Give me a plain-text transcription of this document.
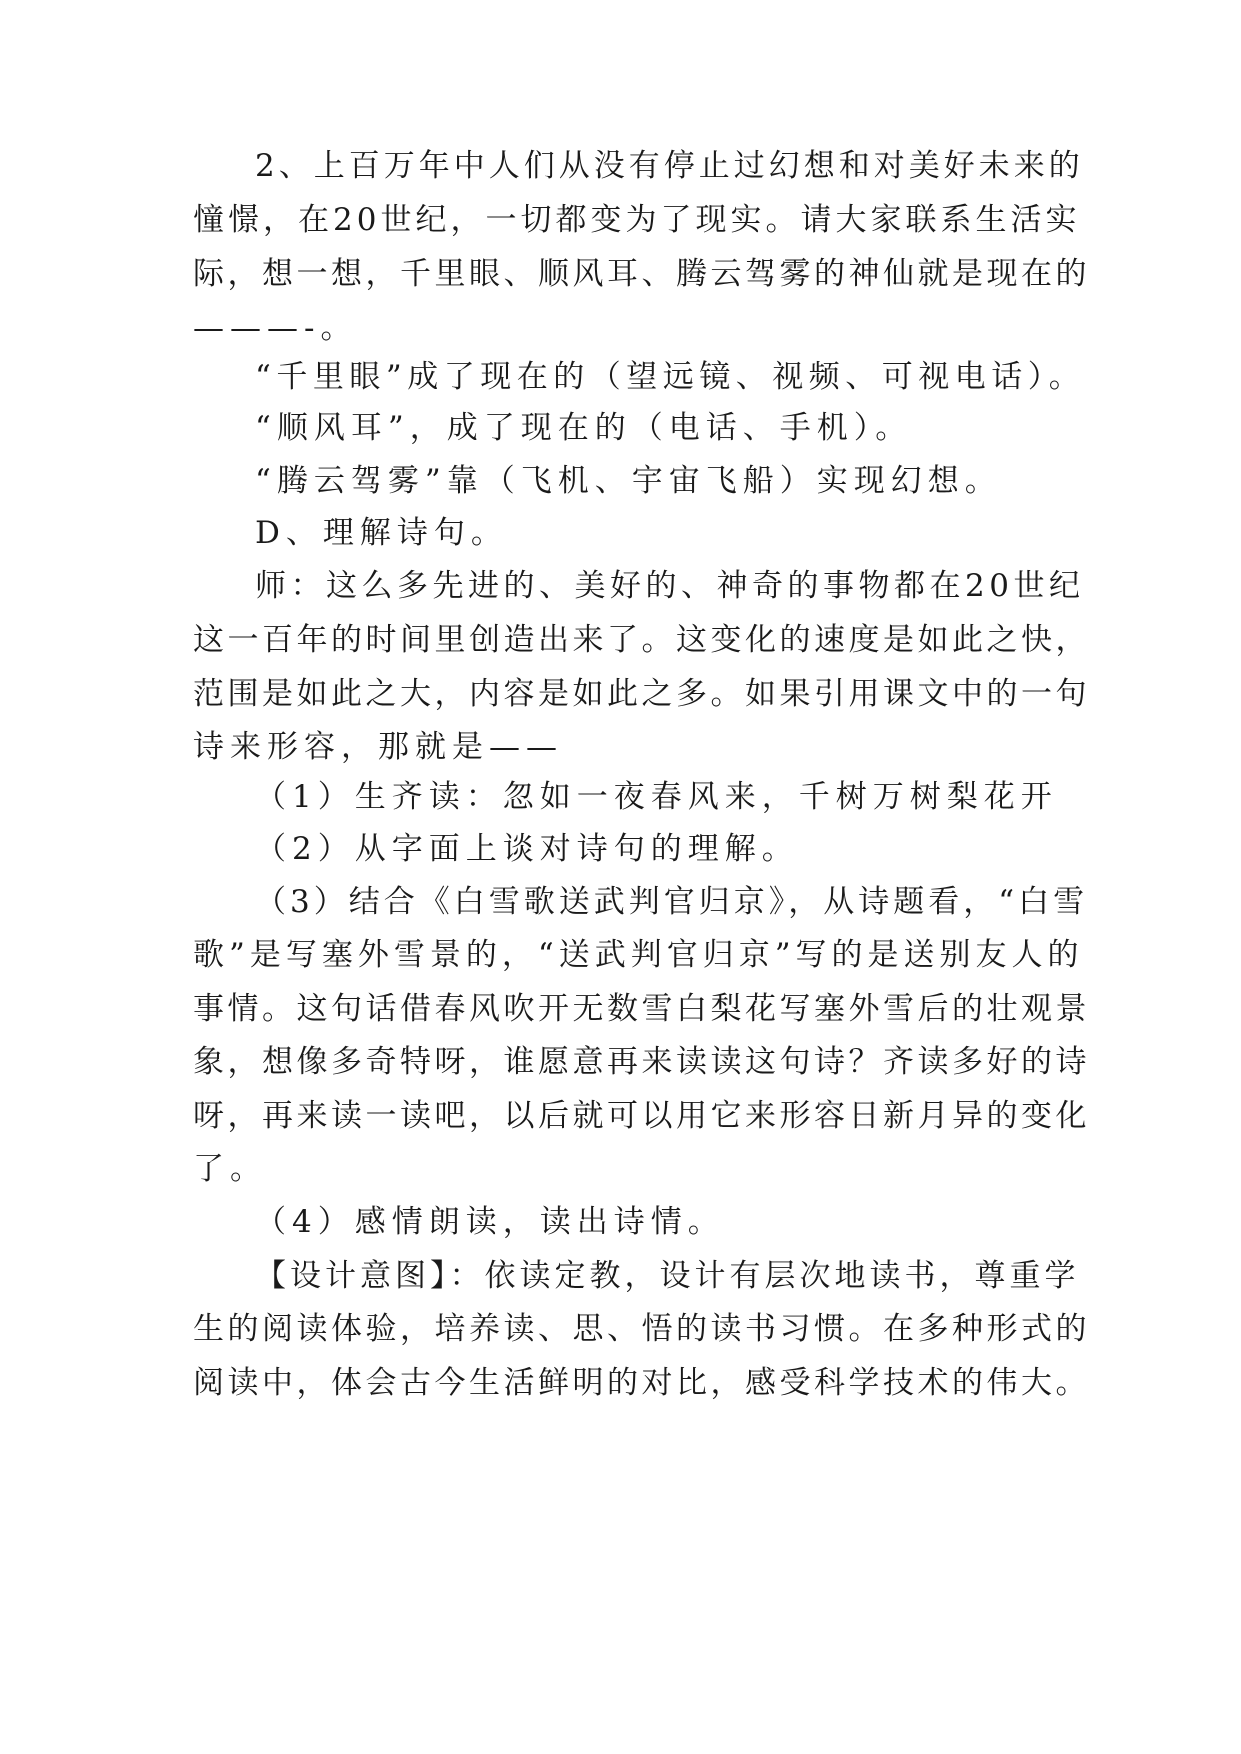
2、上百万年中人们从没有停止过幻想和对美好未来的
憧憬，在20世纪，一切都变为了现实。请大家联系生活实
际，想一想，千里眼、顺风耳、腾云驾雾的神仙就是现在的
———-。
“千里眼”成了现在的（望远镜、视频、可视电话）。
“顺风耳”，成了现在的（电话、手机）。
“腾云驾雾”靠（飞机、宇宙飞船）实现幻想。
D、理解诗句。
师：这么多先进的、美好的、神奇的事物都在20世纪
这一百年的时间里创造出来了。这变化的速度是如此之快，
范围是如此之大，内容是如此之多。如果引用课文中的一句
诗来形容，那就是——
（1）生齐读：忽如一夜春风来，千树万树梨花开
（2）从字面上谈对诗句的理解。
（3）结合《白雪歌送武判官归京》，从诗题看，“白雪
歌”是写塞外雪景的，“送武判官归京”写的是送别友人的
事情。这句话借春风吹开无数雪白梨花写塞外雪后的壮观景
象，想像多奇特呀，谁愿意再来读读这句诗？齐读多好的诗
呀，再来读一读吧，以后就可以用它来形容日新月异的变化
了。
（4）感情朗读，读出诗情。
【设计意图】：依读定教，设计有层次地读书，尊重学
生的阅读体验，培养读、思、悟的读书习惯。在多种形式的
阅读中，体会古今生活鲜明的对比，感受科学技术的伟大。
